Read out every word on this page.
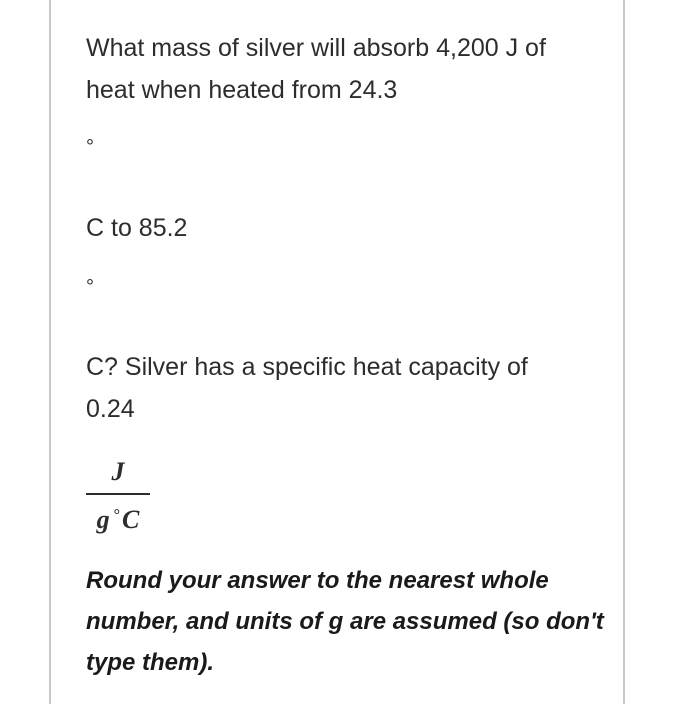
What mass of silver will absorb 4,200 J of

heat when heated from 24.3

°

C to 85.2

°

C? Silver has a specific heat capacity of

0.24

J
g °C

Round your answer to the nearest whole number, and units of g are assumed (so don't type them).
